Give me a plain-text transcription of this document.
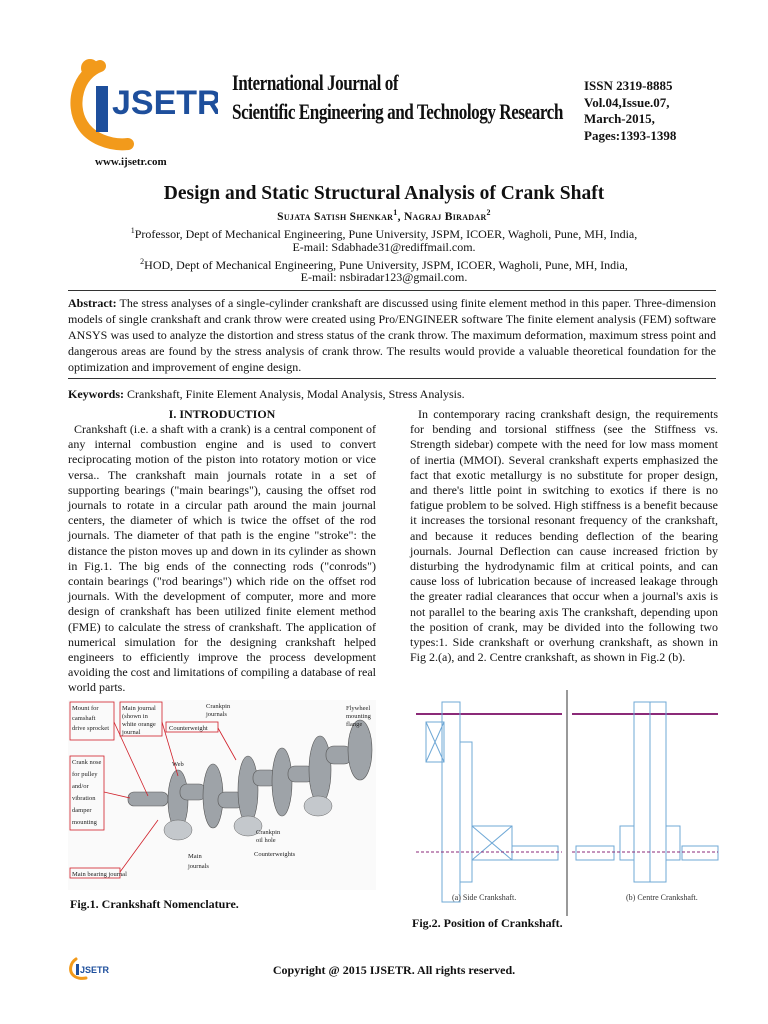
JSETR
International Journal of
Scientific Engineering and Technology Research
ISSN 2319-8885
Vol.04,Issue.07,
March-2015,
Pages:1393-1398
www.ijsetr.com
Design and Static Structural Analysis of Crank Shaft
Sujata Satish Shenkar$^1$, Nagraj Biradar$^2$
$^1$Professor, Dept of Mechanical Engineering, Pune University, JSPM, ICOER, Wagholi, Pune, MH, India,
E-mail: Sdabhade31@rediffmail.com.
$^2$HOD, Dept of Mechanical Engineering, Pune University, JSPM, ICOER, Wagholi, Pune, MH, India,
E-mail: nsbiradar123@gmail.com.
Abstract: The stress analyses of a single-cylinder crankshaft are discussed using finite element method in this paper. Three-dimension models of single crankshaft and crank throw were created using Pro/ENGINEER software The finite element analysis (FEM) software ANSYS was used to analyze the distortion and stress status of the crank throw. The maximum deformation, maximum stress point and dangerous areas are found by the stress analysis of crank throw. The results would provide a valuable theoretical foundation for the optimization and improvement of engine design.
Keywords: Crankshaft, Finite Element Analysis, Modal Analysis, Stress Analysis.
I. INTRODUCTION

Crankshaft (i.e. a shaft with a crank) is a central component of any internal combustion engine and is used to convert reciprocating motion of the piston into rotatory motion or vice versa.. The crankshaft main journals rotate in a set of supporting bearings ("main bearings"), causing the offset rod journals to rotate in a circular path around the main journal centers, the diameter of which is twice the offset of the rod journals. The diameter of that path is the engine "stroke": the distance the piston moves up and down in its cylinder as shown in Fig.1. The big ends of the connecting rods ("conrods") contain bearings ("rod bearings") which ride on the offset rod journals. With the development of computer, more and more design of crankshaft has been utilized finite element method (FME) to calculate the stress of crankshaft. The application of numerical simulation for the designing crankshaft helped engineers to efficiently improve the process development avoiding the cost and limitations of compiling a database of real world parts.

In contemporary racing crankshaft design, the requirements for bending and torsional stiffness (see the Stiffness vs. Strength sidebar) compete with the need for low mass moment of inertia (MMOI). Several crankshaft experts emphasized the fact that exotic metallurgy is no substitute for proper design, and there's little point in switching to exotics if there is no fatigue problem to be solved. High stiffness is a benefit because it increases the torsional resonant frequency of the crankshaft, and because it reduces bending deflection of the bearing journals. Journal Deflection can cause increased friction by disturbing the hydrodynamic film at critical points, and can cause loss of lubrication because of increased leakage through the greater radial clearances that occur when a journal's axis is not parallel to the bearing axis The crankshaft, depending upon the position of crank, may be divided into the following two types:1. Side crankshaft or overhung crankshaft, as shown in Fig 2.(a), and 2. Centre crankshaft, as shown in Fig.2 (b).

Mount for
camshaft
drive sprocket
Main journal
(shown in
white orange
journal
Counterweight
Crankpin
journals
Flywheel
mounting
flange
Crank nose
for pulley
and/or
vibration
damper
mounting
Web
Crankpin
oil hole
Main
journals
Counterweights
Main bearing journal
Fig.1. Crankshaft Nomenclature.	(a) Side Crankshaft.	(b) Centre Crankshaft.
Fig.2. Position of Crankshaft.
JSETR	Copyright @ 2015 IJSETR. All rights reserved.
